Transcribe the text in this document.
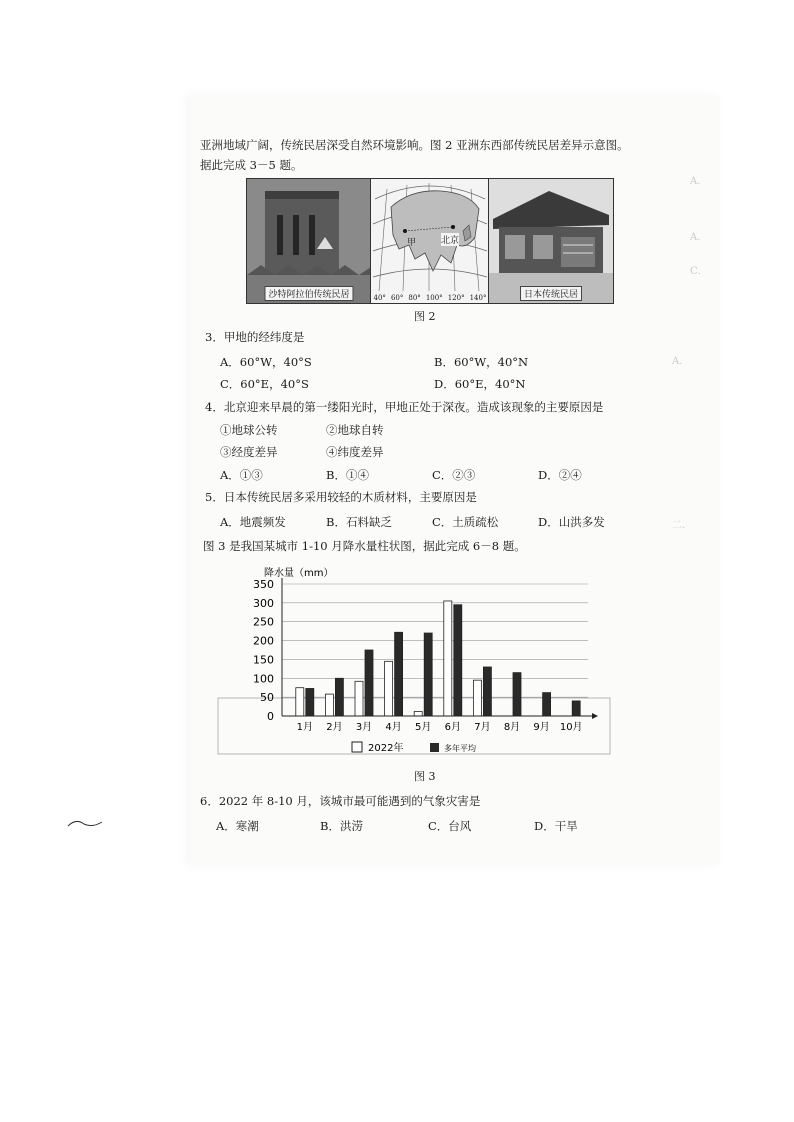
A．
A．
C．
A．
二．
亚洲地域广阔，传统民居深受自然环境影响。图 2 亚洲东西部传统民居差异示意图。
据此完成 3－5 题。
沙特阿拉伯传统民居
甲	北京
40° 60° 80° 100° 120° 140°	日本传统民居
图 2
3．甲地的经纬度是
A．60°W，40°S	B．60°W，40°N
C．60°E，40°S	D．60°E，40°N
4．北京迎来早晨的第一缕阳光时，甲地正处于深夜。造成该现象的主要原因是
①地球公转	②地球自转
③经度差异	④纬度差异
A．①③	B．①④	C．②③	D．②④
5．日本传统民居多采用较轻的木质材料，主要原因是
A．地震频发	B．石料缺乏	C．土质疏松	D．山洪多发
图 3 是我国某城市 1-10 月降水量柱状图，据此完成 6－8 题。
降水量（mm）
0
50
100
150
200
250
300
350
1月 2月 3月 4月 5月 6月 7月 8月 9月 10月
2022年	多年平均
图 3
6．2022 年 8-10 月，该城市最可能遇到的气象灾害是
A．寒潮	B．洪涝	C．台风	D．干旱
